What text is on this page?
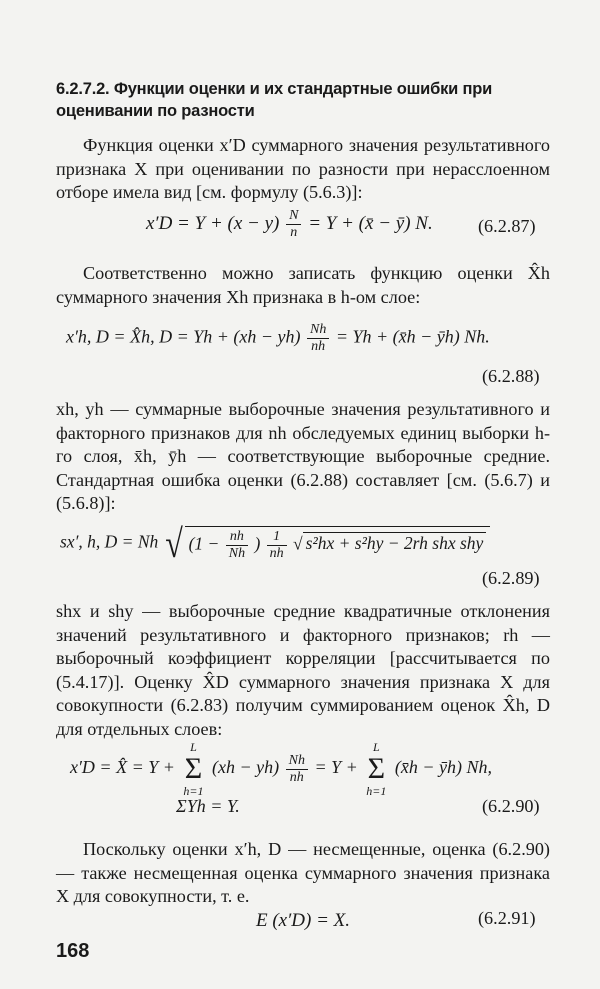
6.2.7.2. Функции оценки и их стандартные ошибки при оценивании по разности
Функция оценки x′D суммарного значения результативного признака X при оценивании по разности при нерасслоенном отборе имела вид [см. формулу (5.6.3)]:
$x'D = Y + (x - y) \frac{N}{n} = Y$ + (x̄ − ȳ) N. (6.2.87)
Соответственно можно записать функцию оценки X̂h суммарного значения Xh признака в h-ом слое:
x′h, D = X̂h, $D = Yh + (xh - yh) \frac{Nh}{nh} = Yh$ + (x̄h − ȳh) Nh.
(6.2.88)
xh, yh — суммарные выборочные значения результативного и факторного признаков для nh обследуемых единиц выборки h-го слоя, x̄h, ȳh — соответствующие выборочные средние. Стандартная ошибка оценки (6.2.88) составляет [см. (5.6.7) и (5.6.8)]:
sx′, h, D = Nh √ ($1 - \frac{nh}{Nh}$ ) $\frac{1}{nh}$ √ s²hx + s²hy − 2rh shx shy
(6.2.89)
shx и shy — выборочные средние квадратичные отклонения значений результативного и факторного признаков; rh — выборочный коэффициент корреляции [рассчитывается по (5.4.17)]. Оценку X̂D суммарного значения признака X для совокупности (6.2.83) получим суммированием оценок X̂h, D для отдельных слоев:
x′D = X̂ = Y +
L
Σ
h=1
$(xh - yh) \frac{Nh}{nh} = Y$ +
L
Σ
h=1
(x̄h − ȳh) Nh,
ΣYh = Y.	(6.2.90)
Поскольку оценки x′h, D — несмещенные, оценка (6.2.90) — также несмещенная оценка суммарного значения признака X для совокупности, т. е.
E (x′D) = X.	(6.2.91)
168
